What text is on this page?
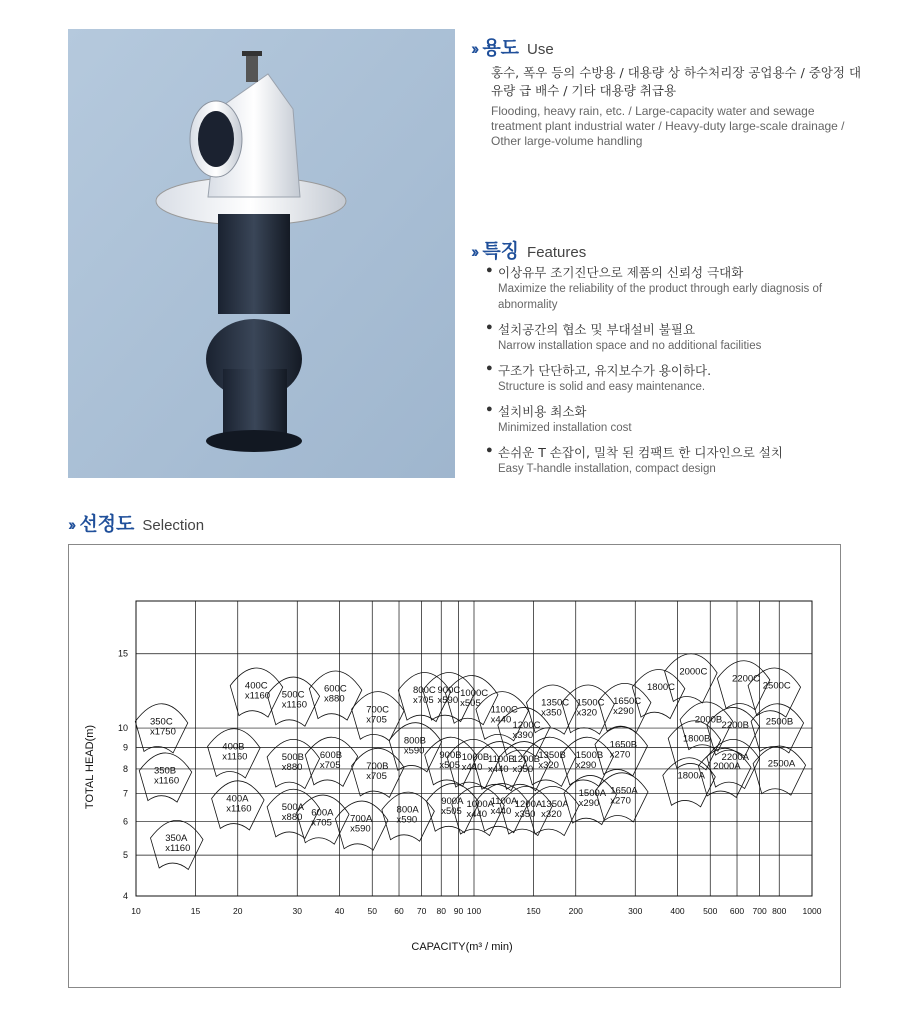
›› 용도 Use
홍수, 폭우 등의 수방용 / 대용량 상 하수처리장 공업용수 / 중앙정 대유량 급 배수 / 기타 대용량 취급용
Flooding, heavy rain, etc. / Large-capacity water and sewage treatment plant industrial water / Heavy-duty large-scale drainage / Other large-volume handling
›› 특징 Features
● 이상유무 조기진단으로 제품의 신뢰성 극대화
Maximize the reliability of the product through early diagnosis of abnormality
● 설치공간의 협소 및 부대설비 불필요
Narrow installation space and no additional facilities
● 구조가 단단하고, 유지보수가 용이하다.
Structure is solid and easy maintenance.
● 설치비용 최소화
Minimized installation cost
● 손쉬운 T 손잡이, 밀착 된 컴팩트 한 디자인으로 설치
Easy T-handle installation, compact design
›› 선정도 Selection
350C
x1750
400C
x1160 500C
x1160
600C
x880
700C
x705
800C
x705
900C
x590
1000C
x505
1100C
x440
1200C
x390
1350C
x350
1500C
x320
1650C
x290
1800C
2000C
2200C
2500C
400B
x1160	500B
x880
600B
x705	700B
x705
800B
x590 900B
x505
1000B
x440
1100B
x440
1200B
x350
1350B
x320
1500B
x290
1650B
x270
1800B
2000B 2200B 2500B
350B
x1160	1800A
2000A
2200A
2500A
400A
x1160	500A
x880 600A
x705 700A
x590
800A
x590
900A
x505
1000A
x440
1100A
x440
1200A
x350
1350A
x320
1500A
x290
1650A
x270
350A
x1160
10	15	20	30	40	50 60 70 80 90 100	150	200	300	400 500 600 700 800 1000
4
5
6
7
8
9
10
15
CAPACITY(m³ / min)
TOTAL HEAD(m)
